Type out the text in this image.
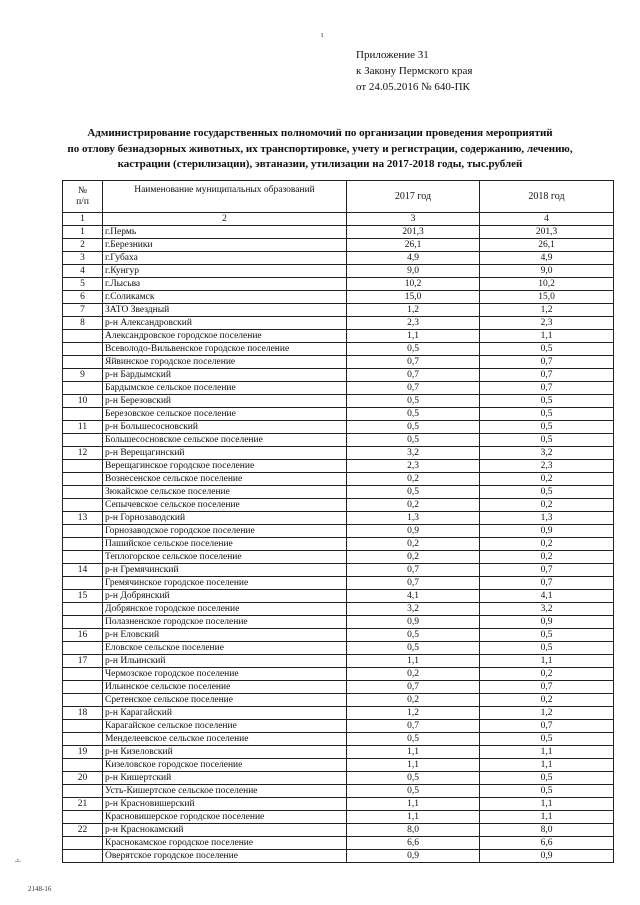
ı
Приложение 31
к Закону Пермского края
от 24.05.2016 № 640-ПК
Администрирование государственных полномочий по организации проведения мероприятий
по отлову безнадзорных животных, их транспортировке, учету и регистрации, содержанию, лечению,
кастрации (стерилизации), эвтаназии, утилизации на 2017-2018 годы, тыс.рублей
№
п/п	Наименование муниципальных образований	2017 год	2018 год
1	2	3	4
1	г.Пермь	201,3	201,3
2	г.Березники	26,1	26,1
3	г.Губаха	4,9	4,9
4	г.Кунгур	9,0	9,0
5	г.Лысьва	10,2	10,2
6	г.Соликамск	15,0	15,0
7	ЗАТО Звездный	1,2	1,2
8	р-н Александровский	2,3	2,3
	Александровское городское поселение	1,1	1,1
	Всеволодо-Вильвенское городское поселение	0,5	0,5
	Яйвинское городское поселение	0,7	0,7
9	р-н Бардымский	0,7	0,7
	Бардымское сельское поселение	0,7	0,7
10	р-н Березовский	0,5	0,5
	Березовское сельское поселение	0,5	0,5
11	р-н Большесосновский	0,5	0,5
	Большесосновское сельское поселение	0,5	0,5
12	р-н Верещагинский	3,2	3,2
	Верещагинское городское поселение	2,3	2,3
	Вознесенское сельское поселение	0,2	0,2
	Зюкайское сельское поселение	0,5	0,5
	Сепычевское сельское поселение	0,2	0,2
13	р-н Горнозаводский	1,3	1,3
	Горнозаводское городское поселение	0,9	0,9
	Пашийское сельское поселение	0,2	0,2
	Теплогорское сельское поселение	0,2	0,2
14	р-н Гремячинский	0,7	0,7
	Гремячинское городское поселение	0,7	0,7
15	р-н Добрянский	4,1	4,1
	Добрянское городское поселение	3,2	3,2
	Полазненское городское поселение	0,9	0,9
16	р-н Еловский	0,5	0,5
	Еловское сельское поселение	0,5	0,5
17	р-н Ильинский	1,1	1,1
	Чермозское городское поселение	0,2	0,2
	Ильинское сельское поселение	0,7	0,7
	Сретенское сельское поселение	0,2	0,2
18	р-н Карагайский	1,2	1,2
	Карагайское сельское поселение	0,7	0,7
	Менделеевское сельское поселение	0,5	0,5
19	р-н Кизеловский	1,1	1,1
	Кизеловское городское поселение	1,1	1,1
20	р-н Кишертский	0,5	0,5
	Усть-Кишертское сельское поселение	0,5	0,5
21	р-н Красновишерский	1,1	1,1
	Красновишерское городское поселение	1,1	1,1
22	р-н Краснокамский	8,0	8,0
	Краснокамское городское поселение	6,6	6,6
	Оверятское городское поселение	0,9	0,9
∸
2148-16
